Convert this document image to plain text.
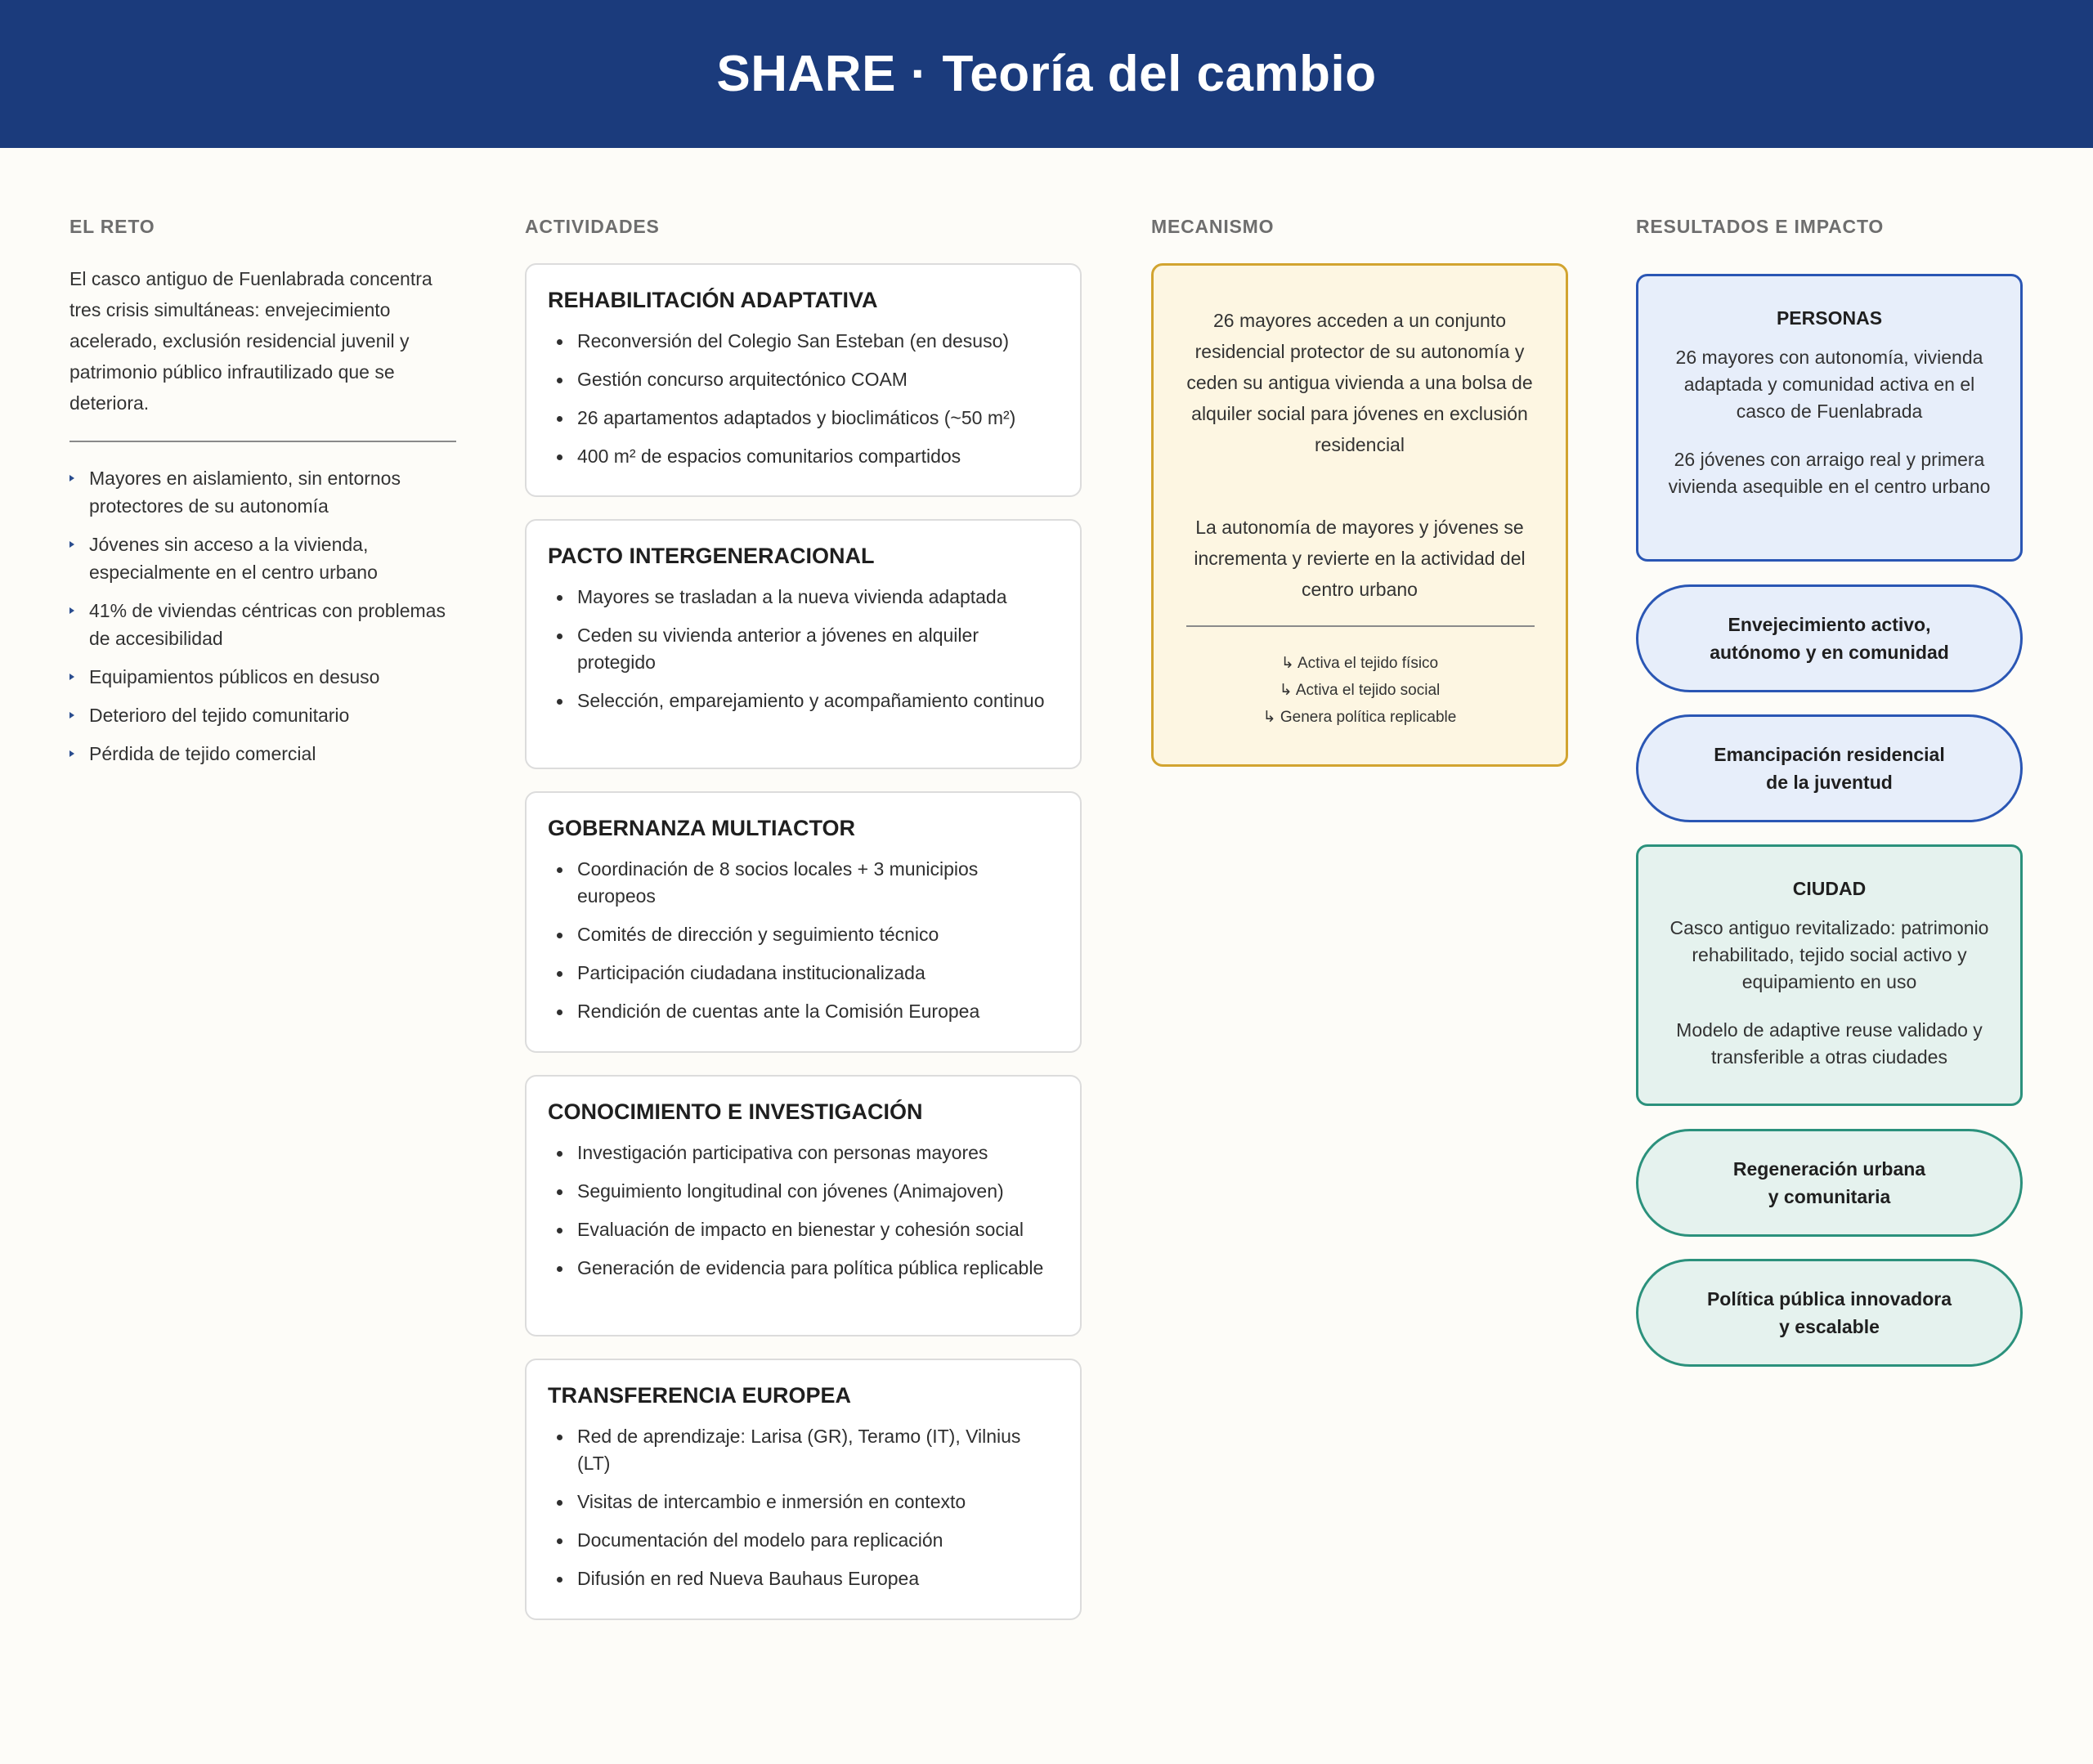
SHARE · Teoría del cambio
EL RETO	ACTIVIDADES	MECANISMO	RESULTADOS E IMPACTO
El casco antiguo de Fuenlabrada concentra tres crisis simultáneas: envejecimiento acelerado, exclusión residencial juvenil y patrimonio público infrautilizado que se deteriora.
Mayores en aislamiento, sin entornos protectores de su autonomía
Jóvenes sin acceso a la vivienda, especialmente en el centro urbano
41% de viviendas céntricas con problemas de accesibilidad
Equipamientos públicos en desuso
Deterioro del tejido comunitario
Pérdida de tejido comercial
REHABILITACIÓN ADAPTATIVA
Reconversión del Colegio San Esteban (en desuso)
Gestión concurso arquitectónico COAM
26 apartamentos adaptados y bioclimáticos (~50 m²)
400 m² de espacios comunitarios compartidos
PACTO INTERGENERACIONAL
Mayores se trasladan a la nueva vivienda adaptada
Ceden su vivienda anterior a jóvenes en alquiler protegido
Selección, emparejamiento y acompañamiento continuo
GOBERNANZA MULTIACTOR
Coordinación de 8 socios locales + 3 municipios europeos
Comités de dirección y seguimiento técnico
Participación ciudadana institucionalizada
Rendición de cuentas ante la Comisión Europea
CONOCIMIENTO E INVESTIGACIÓN
Investigación participativa con personas mayores
Seguimiento longitudinal con jóvenes (Animajoven)
Evaluación de impacto en bienestar y cohesión social
Generación de evidencia para política pública replicable
TRANSFERENCIA EUROPEA
Red de aprendizaje: Larisa (GR), Teramo (IT), Vilnius (LT)
Visitas de intercambio e inmersión en contexto
Documentación del modelo para replicación
Difusión en red Nueva Bauhaus Europea
26 mayores acceden a un conjunto residencial protector de su autonomía y ceden su antigua vivienda a una bolsa de alquiler social para jóvenes en exclusión residencial
La autonomía de mayores y jóvenes se incrementa y revierte en la actividad del centro urbano
↳ Activa el tejido físico
↳ Activa el tejido social
↳ Genera política replicable
PERSONAS

26 mayores con autonomía, vivienda adaptada y comunidad activa en el casco de Fuenlabrada

26 jóvenes con arraigo real y primera vivienda asequible en el centro urbano

Envejecimiento activo,
autónomo y en comunidad
Emancipación residencial
de la juventud
CIUDAD

Casco antiguo revitalizado: patrimonio rehabilitado, tejido social activo y equipamiento en uso

Modelo de adaptive reuse validado y transferible a otras ciudades

Regeneración urbana
y comunitaria
Política pública innovadora
y escalable
